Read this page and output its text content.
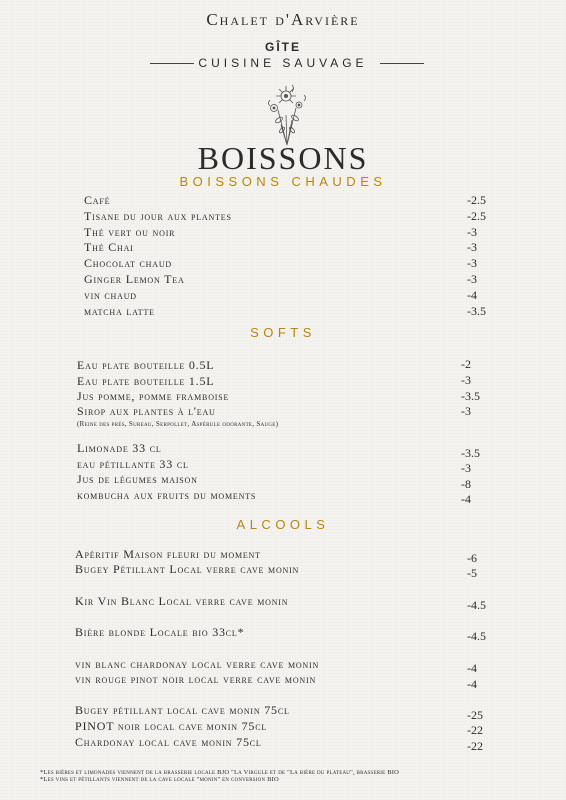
Chalet d'Arvière
GÎTE
CUISINE SAUVAGE
BOISSONS
BOISSONS CHAUDES
Café	-2.5
Tisane du jour aux plantes	-2.5
Thé vert ou noir	-3
Thé Chai	-3
Chocolat chaud	-3
Ginger Lemon Tea	-3
vin chaud	-4
matcha latte	-3.5
SOFTS
Eau plate bouteille 0.5L	-2
Eau plate bouteille 1.5L	-3
Jus pomme, pomme framboise	-3.5
Sirop aux plantes à l'eau	-3
(Reine des prés, Sureau, Serpollet, Aspérule odorante, Sauge)
Limonade 33 cl	-3.5
eau pétillante 33 cl	-3
Jus de légumes maison	-8
kombucha aux fruits du moments	-4
ALCOOLS
Apéritif Maison fleuri du moment	-6
Bugey Pétillant Local verre cave monin	-5
Kir Vin Blanc Local verre cave monin	-4.5
Bière blonde Locale bio 33cl*	-4.5
vin blanc chardonay local verre cave monin	-4
vin rouge pinot noir local verre cave monin	-4
Bugey pétillant local cave monin 75cl	-25
PINOT noir local cave monin 75cl	-22
Chardonay local cave monin 75cl	-22
*Les bières et limonades viennent de la brasserie locale BJO "La Virgule et de "La bière du plateau", brasserie BIO
*Les vins et pétillants viennent de la cave locale "monin" en conversion BIO
